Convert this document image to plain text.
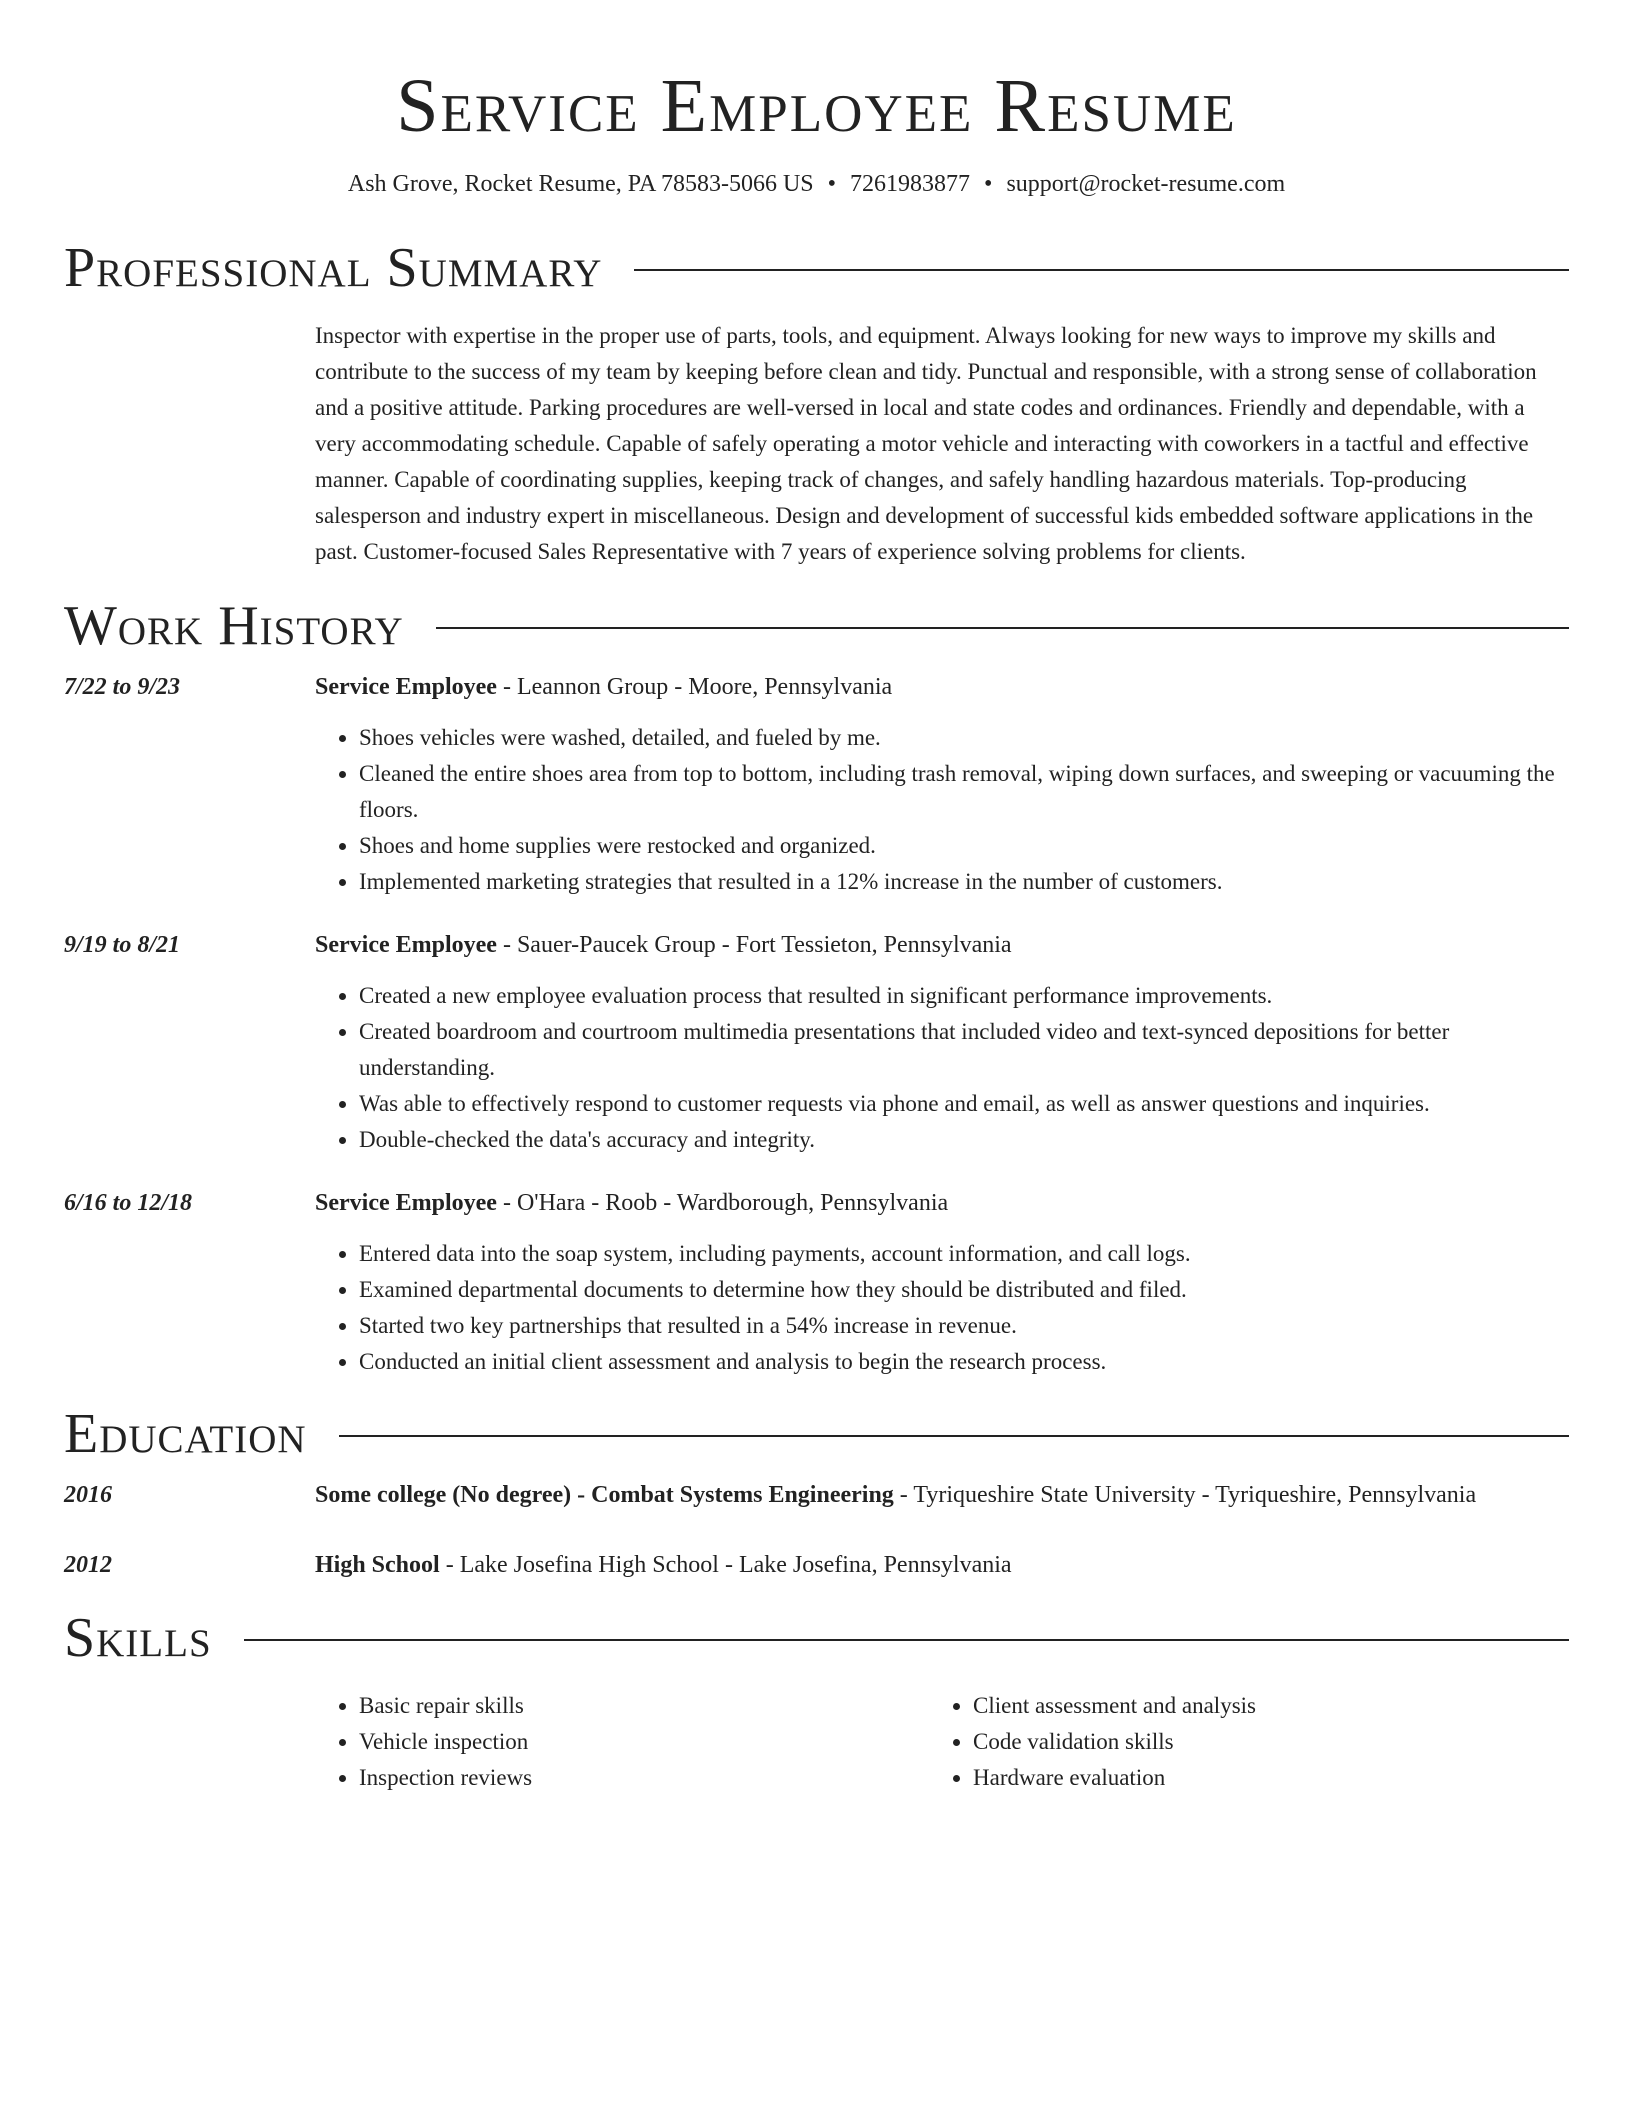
Service Employee Resume
Ash Grove, Rocket Resume, PA 78583-5066 US • 7261983877 • support@rocket-resume.com
Professional Summary
Inspector with expertise in the proper use of parts, tools, and equipment. Always looking for new ways to improve my skills and contribute to the success of my team by keeping before clean and tidy. Punctual and responsible, with a strong sense of collaboration and a positive attitude. Parking procedures are well-versed in local and state codes and ordinances. Friendly and dependable, with a very accommodating schedule. Capable of safely operating a motor vehicle and interacting with coworkers in a tactful and effective manner. Capable of coordinating supplies, keeping track of changes, and safely handling hazardous materials. Top-producing salesperson and industry expert in miscellaneous. Design and development of successful kids embedded software applications in the past. Customer-focused Sales Representative with 7 years of experience solving problems for clients.
Work History
7/22 to 9/23	Service Employee - Leannon Group - Moore, Pennsylvania
• Shoes vehicles were washed, detailed, and fueled by me.
• Cleaned the entire shoes area from top to bottom, including trash removal, wiping down surfaces, and sweeping or vacuuming the floors.
• Shoes and home supplies were restocked and organized.
• Implemented marketing strategies that resulted in a 12% increase in the number of customers.
9/19 to 8/21	Service Employee - Sauer-Paucek Group - Fort Tessieton, Pennsylvania
• Created a new employee evaluation process that resulted in significant performance improvements.
• Created boardroom and courtroom multimedia presentations that included video and text-synced depositions for better understanding.
• Was able to effectively respond to customer requests via phone and email, as well as answer questions and inquiries.
• Double-checked the data's accuracy and integrity.
6/16 to 12/18	Service Employee - O'Hara - Roob - Wardborough, Pennsylvania
• Entered data into the soap system, including payments, account information, and call logs.
• Examined departmental documents to determine how they should be distributed and filed.
• Started two key partnerships that resulted in a 54% increase in revenue.
• Conducted an initial client assessment and analysis to begin the research process.
Education
2016	Some college (No degree) - Combat Systems Engineering - Tyriqueshire State University - Tyriqueshire, Pennsylvania
2012	High School - Lake Josefina High School - Lake Josefina, Pennsylvania
Skills
• Basic repair skills
• Vehicle inspection
• Inspection reviews
• Client assessment and analysis
• Code validation skills
• Hardware evaluation
